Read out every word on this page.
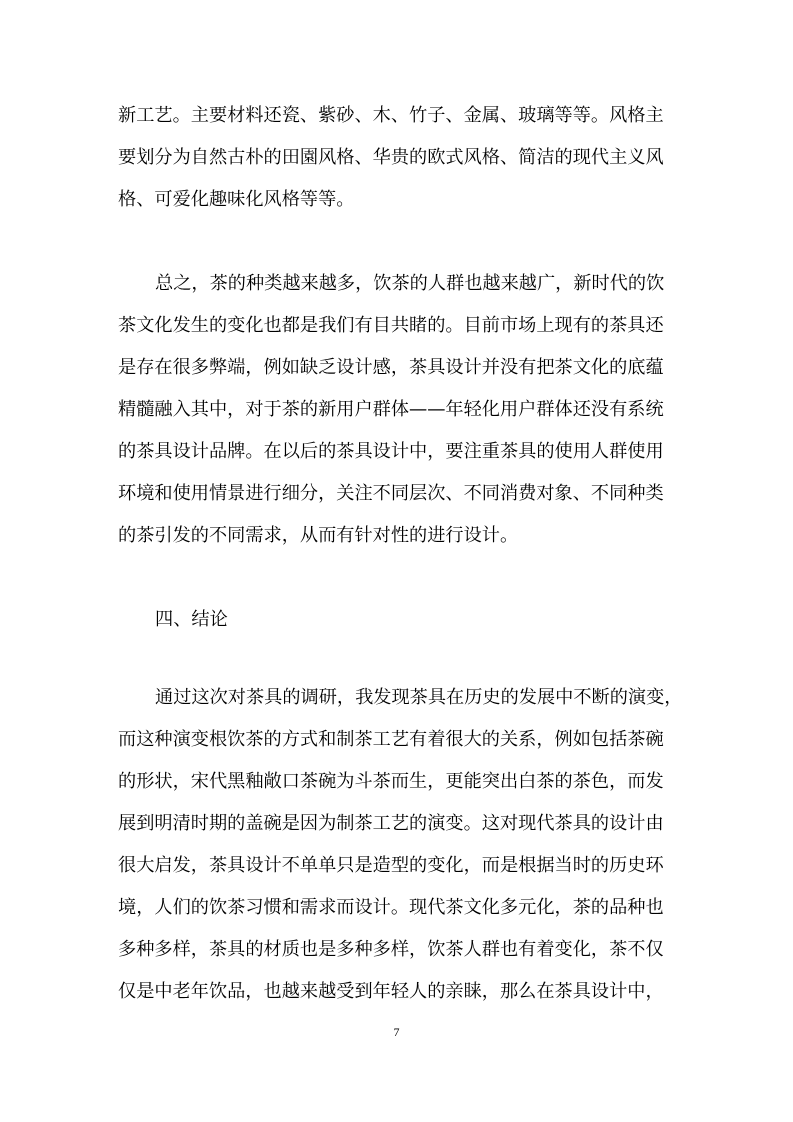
新工艺。主要材料还瓷、紫砂、木、竹子、金属、玻璃等等。风格主
要划分为自然古朴的田園风格、华贵的欧式风格、简洁的现代主义风
格、可爱化趣味化风格等等。
总之，茶的种类越来越多，饮茶的人群也越来越广，新时代的饮
茶文化发生的变化也都是我们有目共睹的。目前市场上现有的茶具还
是存在很多弊端，例如缺乏设计感，茶具设计并没有把茶文化的底蕴
精髓融入其中，对于茶的新用户群体——年轻化用户群体还没有系统
的茶具设计品牌。在以后的茶具设计中，要注重茶具的使用人群使用
环境和使用情景进行细分，关注不同层次、不同消费对象、不同种类
的茶引发的不同需求，从而有针对性的进行设计。
四、结论
通过这次对茶具的调研，我发现茶具在历史的发展中不断的演变，
而这种演变根饮茶的方式和制茶工艺有着很大的关系，例如包括茶碗
的形状，宋代黑釉敞口茶碗为斗茶而生，更能突出白茶的茶色，而发
展到明清时期的盖碗是因为制茶工艺的演变。这对现代茶具的设计由
很大启发，茶具设计不单单只是造型的变化，而是根据当时的历史环
境，人们的饮茶习惯和需求而设计。现代茶文化多元化，茶的品种也
多种多样，茶具的材质也是多种多样，饮茶人群也有着变化，茶不仅
仅是中老年饮品，也越来越受到年轻人的亲睐，那么在茶具设计中，
7
